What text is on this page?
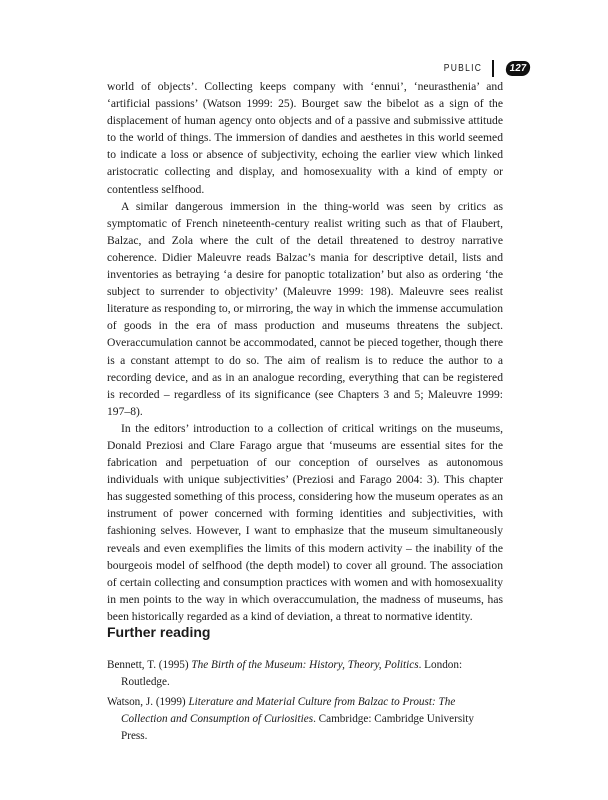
PUBLIC	127

world of objects’. Collecting keeps company with ‘ennui’, ‘neurasthenia’ and ‘artificial passions’ (Watson 1999: 25). Bourget saw the bibelot as a sign of the displacement of human agency onto objects and of a passive and submissive attitude to the world of things. The immersion of dandies and aesthetes in this world seemed to indicate a loss or absence of subjectivity, echoing the earlier view which linked aristocratic collecting and display, and homosexuality with a kind of empty or contentless selfhood.

A similar dangerous immersion in the thing-world was seen by critics as symptomatic of French nineteenth-century realist writing such as that of Flaubert, Balzac, and Zola where the cult of the detail threatened to destroy narrative coherence. Didier Maleuvre reads Balzac’s mania for descriptive detail, lists and inventories as betraying ‘a desire for panoptic totalization’ but also as ordering ‘the subject to surrender to objectivity’ (Maleuvre 1999: 198). Maleuvre sees realist literature as responding to, or mirroring, the way in which the immense accumulation of goods in the era of mass production and museums threatens the subject. Overaccumulation cannot be accommodated, cannot be pieced together, though there is a constant attempt to do so. The aim of realism is to reduce the author to a recording device, and as in an analogue recording, everything that can be registered is recorded – regardless of its significance (see Chapters 3 and 5; Maleuvre 1999: 197–8).

In the editors’ introduction to a collection of critical writings on the museums, Donald Preziosi and Clare Farago argue that ‘museums are essential sites for the fabrication and perpetuation of our conception of ourselves as autonomous individuals with unique subjectivities’ (Preziosi and Farago 2004: 3). This chapter has suggested something of this process, considering how the museum operates as an instrument of power concerned with forming identities and subjectivities, with fashioning selves. However, I want to emphasize that the museum simultaneously reveals and even exemplifies the limits of this modern activity – the inability of the bourgeois model of selfhood (the depth model) to cover all ground. The association of certain collecting and consumption practices with women and with homosexuality in men points to the way in which overaccumulation, the madness of museums, has been historically regarded as a kind of deviation, a threat to normative identity.

Further reading
Bennett, T. (1995) The Birth of the Museum: History, Theory, Politics. London: Routledge.
Watson, J. (1999) Literature and Material Culture from Balzac to Proust: The Collection and Consumption of Curiosities. Cambridge: Cambridge University Press.
